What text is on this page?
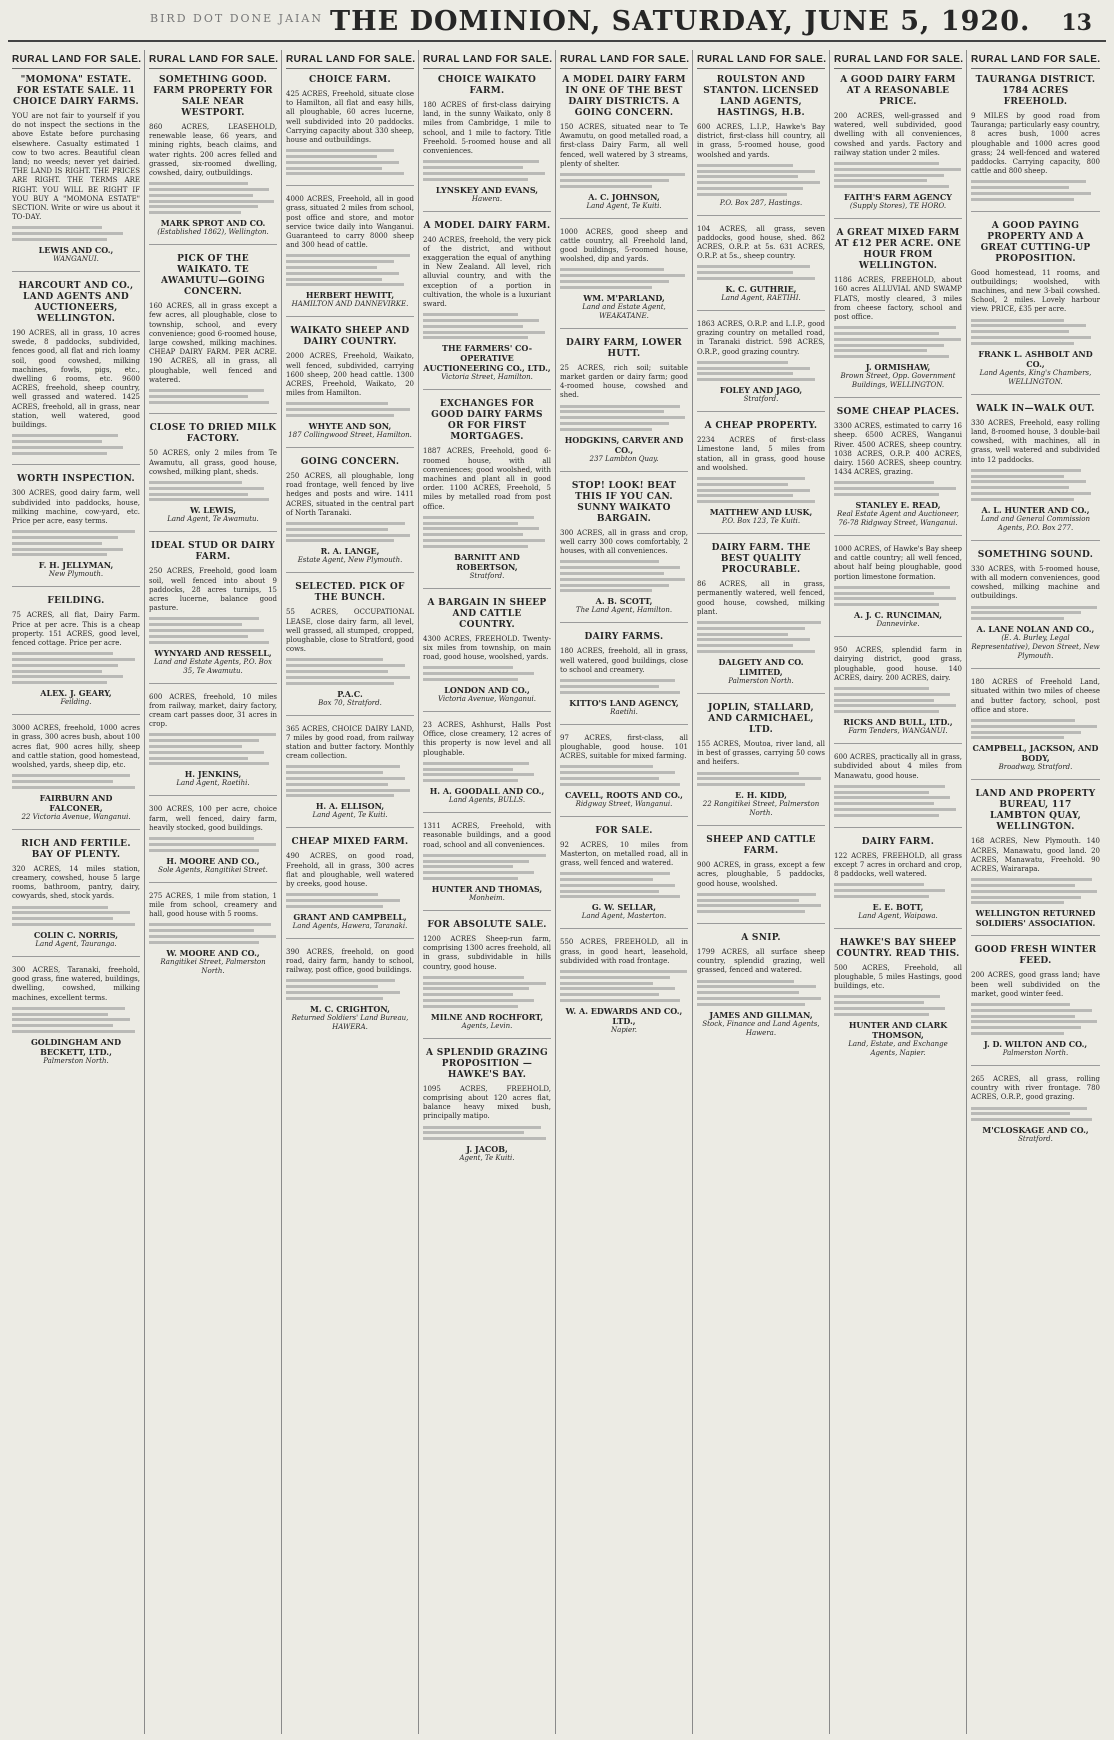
BIRD DOT DONE JAIAN THE DOMINION, SATURDAY, JUNE 5, 1920. 13
RURAL LAND FOR SALE.
"MOMONA" ESTATE. FOR ESTATE SALE. 11 CHOICE DAIRY FARMS.

YOU are not fair to yourself if you do not inspect the sections in the above Estate before purchasing elsewhere. Casualty estimated 1 cow to two acres. Beautiful clean land; no weeds; never yet dairied. THE LAND IS RIGHT. THE PRICES ARE RIGHT. THE TERMS ARE RIGHT. YOU WILL BE RIGHT IF YOU BUY A "MOMONA ESTATE" SECTION. Write or wire us about it TO-DAY.

LEWIS AND CO.,
WANGANUI.
HARCOURT AND CO., LAND AGENTS AND AUCTIONEERS, WELLINGTON.

190 ACRES, all in grass, 10 acres swede, 8 paddocks, subdivided, fences good, all flat and rich loamy soil, good cowshed, milking machines, fowls, pigs, etc., dwelling 6 rooms, etc. 9600 ACRES, freehold, sheep country, well grassed and watered. 1425 ACRES, freehold, all in grass, near station, well watered, good buildings.

WORTH INSPECTION.

300 ACRES, good dairy farm, well subdivided into paddocks, house, milking machine, cow-yard, etc. Price per acre, easy terms.

F. H. JELLYMAN,
New Plymouth.
FEILDING.

75 ACRES, all flat, Dairy Farm. Price at per acre. This is a cheap property. 151 ACRES, good level, fenced cottage. Price per acre.

ALEX. J. GEARY,
Feilding.

3000 ACRES, freehold, 1000 acres in grass, 300 acres bush, about 100 acres flat, 900 acres hilly, sheep and cattle station, good homestead, woolshed, yards, sheep dip, etc.

FAIRBURN AND FALCONER,
22 Victoria Avenue, Wanganui.
RICH AND FERTILE. BAY OF PLENTY.

320 ACRES, 14 miles station, creamery, cowshed, house 5 large rooms, bathroom, pantry, dairy, cowyards, shed, stock yards.

COLIN C. NORRIS,
Land Agent, Tauranga.

300 ACRES, Taranaki, freehold, good grass, fine watered, buildings, dwelling, cowshed, milking machines, excellent terms.

GOLDINGHAM AND BECKETT, LTD.,
Palmerston North.
RURAL LAND FOR SALE.
SOMETHING GOOD. FARM PROPERTY FOR SALE NEAR WESTPORT.

860 ACRES, LEASEHOLD, renewable lease, 66 years, and mining rights, beach claims, and water rights. 200 acres felled and grassed, six-roomed dwelling, cowshed, dairy, outbuildings.

MARK SPROT AND CO.
(Established 1862), Wellington.
PICK OF THE WAIKATO. TE AWAMUTU—GOING CONCERN.

160 ACRES, all in grass except a few acres, all ploughable, close to township, school, and every convenience; good 6-roomed house, large cowshed, milking machines. CHEAP DAIRY FARM. PER ACRE. 190 ACRES, all in grass, all ploughable, well fenced and watered.

CLOSE TO DRIED MILK FACTORY.

50 ACRES, only 2 miles from Te Awamutu, all grass, good house, cowshed, milking plant, sheds.

W. LEWIS,
Land Agent, Te Awamutu.
IDEAL STUD OR DAIRY FARM.

250 ACRES, Freehold, good loam soil, well fenced into about 9 paddocks, 28 acres turnips, 15 acres lucerne, balance good pasture.

WYNYARD AND RESSELL,
Land and Estate Agents, P.O. Box 35, Te Awamutu.

600 ACRES, freehold, 10 miles from railway, market, dairy factory, cream cart passes door, 31 acres in crop.

H. JENKINS,
Land Agent, Raetihi.

300 ACRES, 100 per acre, choice farm, well fenced, dairy farm, heavily stocked, good buildings.

H. MOORE AND CO.,
Sole Agents, Rangitikei Street.

275 ACRES, 1 mile from station, 1 mile from school, creamery and hall, good house with 5 rooms.

W. MOORE AND CO.,
Rangitikei Street, Palmerston North.
RURAL LAND FOR SALE.
CHOICE FARM.

425 ACRES, Freehold, situate close to Hamilton, all flat and easy hills, all ploughable, 60 acres lucerne, well subdivided into 20 paddocks. Carrying capacity about 330 sheep, house and outbuildings.

4000 ACRES, Freehold, all in good grass, situated 2 miles from school, post office and store, and motor service twice daily into Wanganui. Guaranteed to carry 8000 sheep and 300 head of cattle.

HERBERT HEWITT,
HAMILTON AND DANNEVIRKE.
WAIKATO SHEEP AND DAIRY COUNTRY.

2000 ACRES, Freehold, Waikato, well fenced, subdivided, carrying 1600 sheep, 200 head cattle. 1300 ACRES, Freehold, Waikato, 20 miles from Hamilton.

WHYTE AND SON,
187 Collingwood Street, Hamilton.
GOING CONCERN.

250 ACRES, all ploughable, long road frontage, well fenced by live hedges and posts and wire. 1411 ACRES, situated in the central part of North Taranaki.

R. A. LANGE,
Estate Agent, New Plymouth.
SELECTED. PICK OF THE BUNCH.

55 ACRES, OCCUPATIONAL LEASE, close dairy farm, all level, well grassed, all stumped, cropped, ploughable, close to Stratford, good cows.

P.A.C.
Box 70, Stratford.

365 ACRES, CHOICE DAIRY LAND, 7 miles by good road, from railway station and butter factory. Monthly cream collection.

H. A. ELLISON,
Land Agent, Te Kuiti.
CHEAP MIXED FARM.

490 ACRES, on good road, Freehold, all in grass, 300 acres flat and ploughable, well watered by creeks, good house.

GRANT AND CAMPBELL,
Land Agents, Hawera, Taranaki.

390 ACRES, freehold, on good road, dairy farm, handy to school, railway, post office, good buildings.

M. C. CRIGHTON,
Returned Soldiers' Land Bureau, HAWERA.
RURAL LAND FOR SALE.
CHOICE WAIKATO FARM.

180 ACRES of first-class dairying land, in the sunny Waikato, only 8 miles from Cambridge, 1 mile to school, and 1 mile to factory. Title Freehold. 5-roomed house and all conveniences.

LYNSKEY AND EVANS,
Hawera.
A MODEL DAIRY FARM.

240 ACRES, freehold, the very pick of the district, and without exaggeration the equal of anything in New Zealand. All level, rich alluvial country, and with the exception of a portion in cultivation, the whole is a luxuriant sward.

THE FARMERS' CO-OPERATIVE AUCTIONEERING CO., LTD.,
Victoria Street, Hamilton.
EXCHANGES FOR GOOD DAIRY FARMS OR FOR FIRST MORTGAGES.

1887 ACRES, Freehold, good 6-roomed house, with all conveniences; good woolshed, with machines and plant all in good order. 1100 ACRES, Freehold, 5 miles by metalled road from post office.

BARNITT AND ROBERTSON,
Stratford.
A BARGAIN IN SHEEP AND CATTLE COUNTRY.

4300 ACRES, FREEHOLD. Twenty-six miles from township, on main road, good house, woolshed, yards.

LONDON AND CO.,
Victoria Avenue, Wanganui.

23 ACRES, Ashhurst, Halls Post Office, close creamery, 12 acres of this property is now level and all ploughable.

H. A. GOODALL AND CO.,
Land Agents, BULLS.

1311 ACRES, Freehold, with reasonable buildings, and a good road, school and all conveniences.

HUNTER AND THOMAS,
Monheim.
FOR ABSOLUTE SALE.

1200 ACRES Sheep-run farm, comprising 1300 acres freehold, all in grass, subdividable in hills country, good house.

MILNE AND ROCHFORT,
Agents, Levin.
A SPLENDID GRAZING PROPOSITION — HAWKE'S BAY.

1095 ACRES, FREEHOLD, comprising about 120 acres flat, balance heavy mixed bush, principally matipo.

J. JACOB,
Agent, Te Kuiti.
RURAL LAND FOR SALE.
A MODEL DAIRY FARM IN ONE OF THE BEST DAIRY DISTRICTS. A GOING CONCERN.

150 ACRES, situated near to Te Awamutu, on good metalled road, a first-class Dairy Farm, all well fenced, well watered by 3 streams, plenty of shelter.

A. C. JOHNSON,
Land Agent, Te Kuiti.

1000 ACRES, good sheep and cattle country, all Freehold land, good buildings, 5-roomed house, woolshed, dip and yards.

WM. M'PARLAND,
Land and Estate Agent, WEAKATANE.
DAIRY FARM, LOWER HUTT.

25 ACRES, rich soil; suitable market garden or dairy farm; good 4-roomed house, cowshed and shed.

HODGKINS, CARVER AND CO.,
237 Lambton Quay.
STOP! LOOK! BEAT THIS IF YOU CAN. SUNNY WAIKATO BARGAIN.

300 ACRES, all in grass and crop, well carry 300 cows comfortably, 2 houses, with all conveniences.

A. B. SCOTT,
The Land Agent, Hamilton.
DAIRY FARMS.

180 ACRES, freehold, all in grass, well watered, good buildings, close to school and creamery.

KITTO'S LAND AGENCY,
Raetihi.

97 ACRES, first-class, all ploughable, good house. 101 ACRES, suitable for mixed farming.

CAVELL, ROOTS AND CO.,
Ridgway Street, Wanganui.
FOR SALE.

92 ACRES, 10 miles from Masterton, on metalled road, all in grass, well fenced and watered.

G. W. SELLAR,
Land Agent, Masterton.

550 ACRES, FREEHOLD, all in grass, in good heart, leasehold, subdivided with road frontage.

W. A. EDWARDS AND CO., LTD.,
Napier.
RURAL LAND FOR SALE.
ROULSTON AND STANTON. LICENSED LAND AGENTS, HASTINGS, H.B.

600 ACRES, L.I.P., Hawke's Bay district, first-class hill country, all in grass, 5-roomed house, good woolshed and yards.

P.O. Box 287, Hastings.

104 ACRES, all grass, seven paddocks, good house, shed. 862 ACRES, O.R.P. at 5s. 631 ACRES, O.R.P. at 5s., sheep country.

K. C. GUTHRIE,
Land Agent, RAETIHI.

1863 ACRES, O.R.P. and L.I.P., good grazing country on metalled road, in Taranaki district. 598 ACRES, O.R.P., good grazing country.

FOLEY AND JAGO,
Stratford.
A CHEAP PROPERTY.

2234 ACRES of first-class Limestone land, 5 miles from station, all in grass, good house and woolshed.

MATTHEW AND LUSK,
P.O. Box 123, Te Kuiti.
DAIRY FARM. THE BEST QUALITY PROCURABLE.

86 ACRES, all in grass, permanently watered, well fenced, good house, cowshed, milking plant.

DALGETY AND CO. LIMITED,
Palmerston North.
JOPLIN, STALLARD, AND CARMICHAEL, LTD.

155 ACRES, Moutoa, river land, all in best of grasses, carrying 50 cows and heifers.

E. H. KIDD,
22 Rangitikei Street, Palmerston North.
SHEEP AND CATTLE FARM.

900 ACRES, in grass, except a few acres, ploughable, 5 paddocks, good house, woolshed.

A SNIP.

1799 ACRES, all surface sheep country, splendid grazing, well grassed, fenced and watered.

JAMES AND GILLMAN,
Stock, Finance and Land Agents, Hawera.
RURAL LAND FOR SALE.
A GOOD DAIRY FARM AT A REASONABLE PRICE.

200 ACRES, well-grassed and watered, well subdivided, good dwelling with all conveniences, cowshed and yards. Factory and railway station under 2 miles.

FAITH'S FARM AGENCY
(Supply Stores), TE HORO.
A GREAT MIXED FARM AT £12 PER ACRE. ONE HOUR FROM WELLINGTON.

1186 ACRES, FREEHOLD, about 160 acres ALLUVIAL AND SWAMP FLATS, mostly cleared, 3 miles from cheese factory, school and post office.

J. ORMISHAW,
Brown Street, Opp. Government Buildings, WELLINGTON.
SOME CHEAP PLACES.

3300 ACRES, estimated to carry 16 sheep. 6500 ACRES, Wanganui River. 4500 ACRES, sheep country. 1038 ACRES, O.R.P. 400 ACRES, dairy. 1560 ACRES, sheep country. 1434 ACRES, grazing.

STANLEY E. READ,
Real Estate Agent and Auctioneer, 76-78 Ridgway Street, Wanganui.

1000 ACRES, of Hawke's Bay sheep and cattle country; all well fenced, about half being ploughable, good portion limestone formation.

A. J. C. RUNCIMAN,
Dannevirke.

950 ACRES, splendid farm in dairying district, good grass, ploughable, good house. 140 ACRES, dairy. 200 ACRES, dairy.

RICKS AND BULL, LTD.,
Farm Tenders, WANGANUI.

600 ACRES, practically all in grass, subdivided about 4 miles from Manawatu, good house.

DAIRY FARM.

122 ACRES, FREEHOLD, all grass except 7 acres in orchard and crop, 8 paddocks, well watered.

E. E. BOTT,
Land Agent, Waipawa.
HAWKE'S BAY SHEEP COUNTRY. READ THIS.

500 ACRES, Freehold, all ploughable, 5 miles Hastings, good buildings, etc.

HUNTER AND CLARK THOMSON,
Land, Estate, and Exchange Agents, Napier.
RURAL LAND FOR SALE.
TAURANGA DISTRICT. 1784 ACRES FREEHOLD.

9 MILES by good road from Tauranga; particularly easy country, 8 acres bush, 1000 acres ploughable and 1000 acres good grass; 24 well-fenced and watered paddocks. Carrying capacity, 800 cattle and 800 sheep.

A GOOD PAYING PROPERTY AND A GREAT CUTTING-UP PROPOSITION.

Good homestead, 11 rooms, and outbuildings; woolshed, with machines, and new 3-bail cowshed. School, 2 miles. Lovely harbour view. PRICE, £35 per acre.

FRANK L. ASHBOLT AND CO.,
Land Agents, King's Chambers, WELLINGTON.
WALK IN—WALK OUT.

330 ACRES, Freehold, easy rolling land, 8-roomed house, 3 double-bail cowshed, with machines, all in grass, well watered and subdivided into 12 paddocks.

A. L. HUNTER AND CO.,
Land and General Commission Agents, P.O. Box 277.
SOMETHING SOUND.

330 ACRES, with 5-roomed house, with all modern conveniences, good cowshed, milking machine and outbuildings.

A. LANE NOLAN AND CO.,
(E. A. Burley, Legal Representative), Devon Street, New Plymouth.

180 ACRES of Freehold Land, situated within two miles of cheese and butter factory, school, post office and store.

CAMPBELL, JACKSON, AND BODY,
Broadway, Stratford.
LAND AND PROPERTY BUREAU, 117 LAMBTON QUAY, WELLINGTON.

168 ACRES, New Plymouth. 140 ACRES, Manawatu, good land. 20 ACRES, Manawatu, Freehold. 90 ACRES, Wairarapa.

WELLINGTON RETURNED SOLDIERS' ASSOCIATION.
GOOD FRESH WINTER FEED.

200 ACRES, good grass land; have been well subdivided on the market, good winter feed.

J. D. WILTON AND CO.,
Palmerston North.

265 ACRES, all grass, rolling country with river frontage. 780 ACRES, O.R.P., good grazing.

M'CLOSKAGE AND CO.,
Stratford.
